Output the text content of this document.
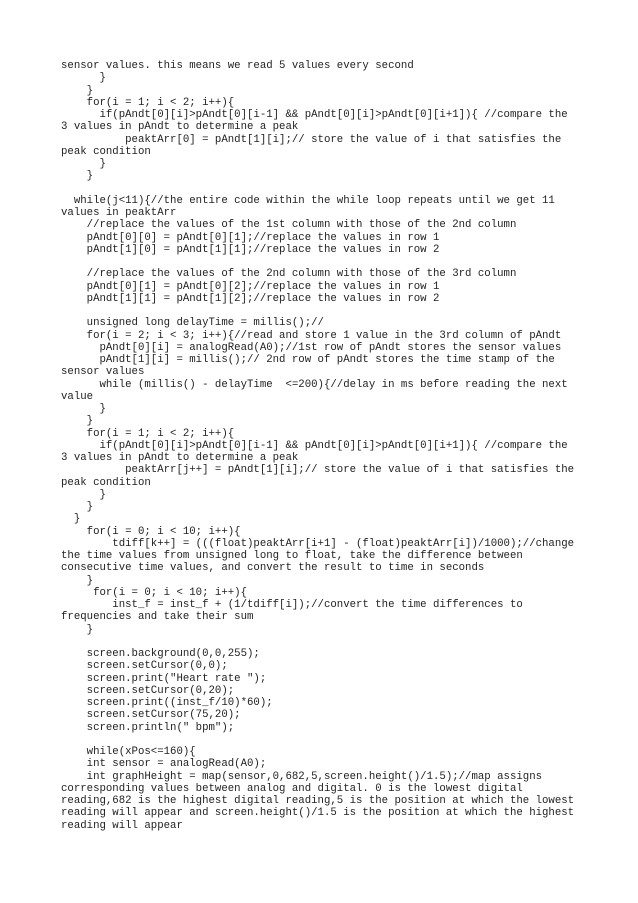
sensor values. this means we read 5 values every second
}
}
for(i = 1; i < 2; i++){
if(pAndt[0][i]>pAndt[0][i-1] && pAndt[0][i]>pAndt[0][i+1]){ //compare the
3 values in pAndt to determine a peak
peaktArr[0] = pAndt[1][i];// store the value of i that satisfies the
peak condition
}
}
while(j<11){//the entire code within the while loop repeats until we get 11
values in peaktArr
//replace the values of the 1st column with those of the 2nd column
pAndt[0][0] = pAndt[0][1];//replace the values in row 1
pAndt[1][0] = pAndt[1][1];//replace the values in row 2
//replace the values of the 2nd column with those of the 3rd column
pAndt[0][1] = pAndt[0][2];//replace the values in row 1
pAndt[1][1] = pAndt[1][2];//replace the values in row 2
unsigned long delayTime = millis();//
for(i = 2; i < 3; i++){//read and store 1 value in the 3rd column of pAndt
pAndt[0][i] = analogRead(A0);//1st row of pAndt stores the sensor values
pAndt[1][i] = millis();// 2nd row of pAndt stores the time stamp of the
sensor values
while (millis() - delayTime  <=200){//delay in ms before reading the next
value
}
}
for(i = 1; i < 2; i++){
if(pAndt[0][i]>pAndt[0][i-1] && pAndt[0][i]>pAndt[0][i+1]){ //compare the
3 values in pAndt to determine a peak
peaktArr[j++] = pAndt[1][i];// store the value of i that satisfies the
peak condition
}
}
}
for(i = 0; i < 10; i++){
tdiff[k++] = (((float)peaktArr[i+1] - (float)peaktArr[i])/1000);//change
the time values from unsigned long to float, take the difference between
consecutive time values, and convert the result to time in seconds
}
for(i = 0; i < 10; i++){
inst_f = inst_f + (1/tdiff[i]);//convert the time differences to
frequencies and take their sum
}
screen.background(0,0,255);
screen.setCursor(0,0);
screen.print("Heart rate ");
screen.setCursor(0,20);
screen.print((inst_f/10)*60);
screen.setCursor(75,20);
screen.println(" bpm");
while(xPos<=160){
int sensor = analogRead(A0);
int graphHeight = map(sensor,0,682,5,screen.height()/1.5);//map assigns
corresponding values between analog and digital. 0 is the lowest digital
reading,682 is the highest digital reading,5 is the position at which the lowest
reading will appear and screen.height()/1.5 is the position at which the highest
reading will appear
